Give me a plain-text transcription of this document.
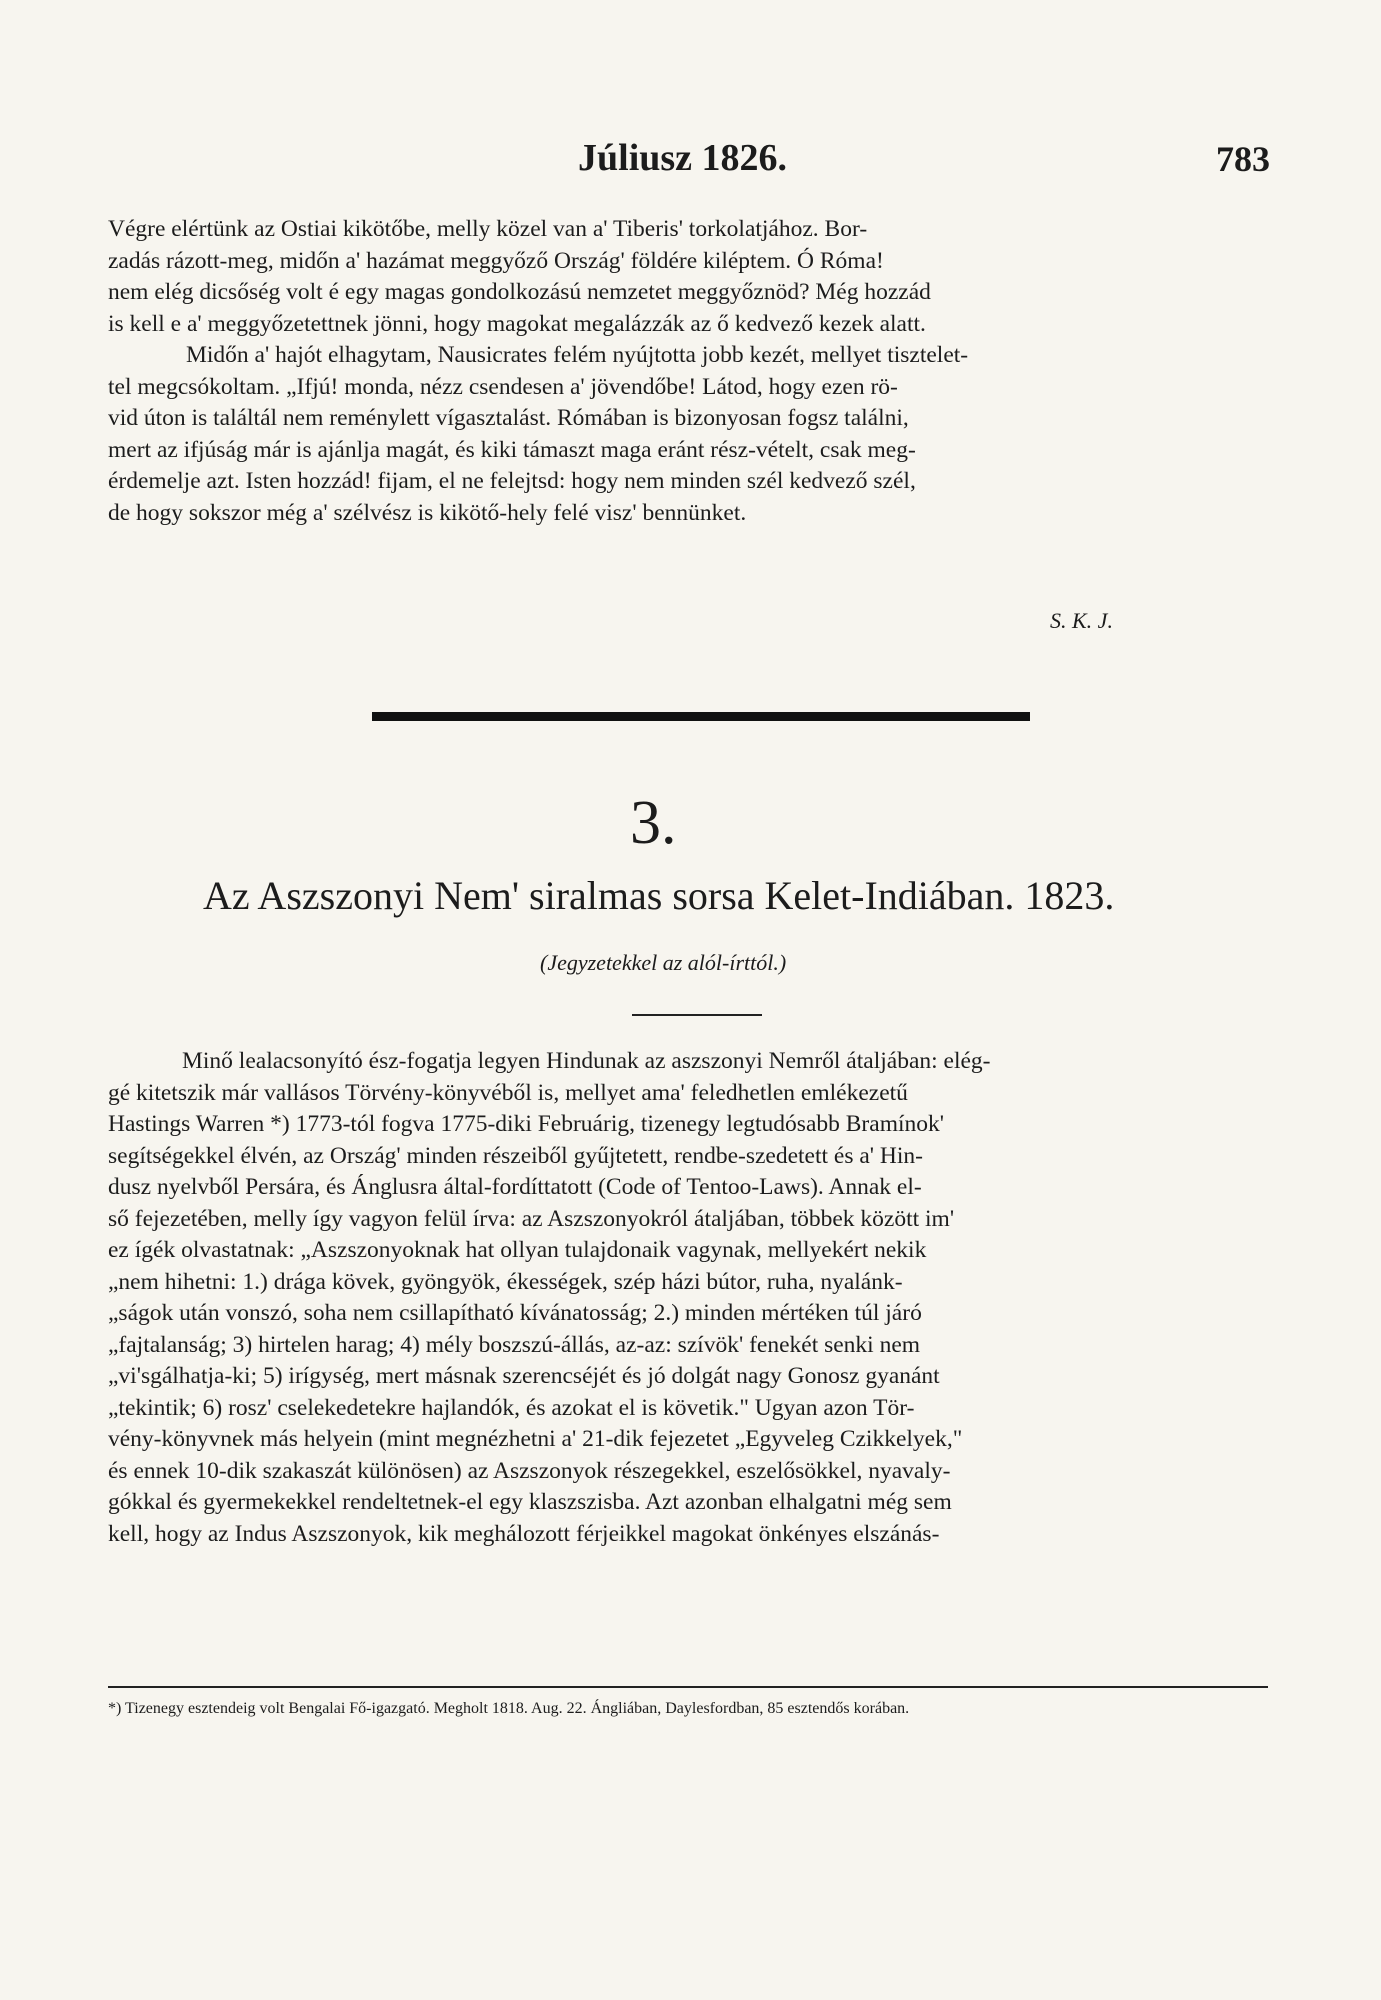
Júliusz 1826.	783
Végre elértünk az Ostiai kikötőbe, melly közel van a' Tiberis' torkolatjához. Bor-
zadás rázott-meg, midőn a' hazámat meggyőző Ország' földére kiléptem. Ó Róma!
nem elég dicsőség volt é egy magas gondolkozású nemzetet meggyőznöd? Még hozzád
is kell e a' meggyőzetettnek jönni, hogy magokat megalázzák az ő kedvező kezek alatt.
Midőn a' hajót elhagytam, Nausicrates felém nyújtotta jobb kezét, mellyet tisztelet-
tel megcsókoltam. „Ifjú! monda, nézz csendesen a' jövendőbe! Látod, hogy ezen rö-
vid úton is találtál nem reménylett vígasztalást. Rómában is bizonyosan fogsz találni,
mert az ifjúság már is ajánlja magát, és kiki támaszt maga eránt rész-vételt, csak meg-
érdemelje azt. Isten hozzád! fijam, el ne felejtsd: hogy nem minden szél kedvező szél,
de hogy sokszor még a' szélvész is kikötő-hely felé visz' bennünket.
S. K. J.
3.
Az Aszszonyi Nem' siralmas sorsa Kelet-Indiában. 1823.
(Jegyzetekkel az alól-írttól.)
Minő lealacsonyító ész-fogatja legyen Hindunak az aszszonyi Nemről átaljában: elég-
gé kitetszik már vallásos Törvény-könyvéből is, mellyet ama' feledhetlen emlékezetű
Hastings Warren *) 1773-tól fogva 1775-diki Februárig, tizenegy legtudósabb Bramínok'
segítségekkel élvén, az Ország' minden részeiből gyűjtetett, rendbe-szedetett és a' Hin-
dusz nyelvből Persára, és Ánglusra által-fordíttatott (Code of Tentoo-Laws). Annak el-
ső fejezetében, melly így vagyon felül írva: az Aszszonyokról átaljában, többek között im'
ez ígék olvastatnak: „Aszszonyoknak hat ollyan tulajdonaik vagynak, mellyekért nekik
„nem hihetni: 1.) drága kövek, gyöngyök, ékességek, szép házi bútor, ruha, nyalánk-
„ságok után vonszó, soha nem csillapítható kívánatosság; 2.) minden mértéken túl járó
„fajtalanság; 3) hirtelen harag; 4) mély boszszú-állás, az-az: szívök' fenekét senki nem
„vi'sgálhatja-ki; 5) irígység, mert másnak szerencséjét és jó dolgát nagy Gonosz gyanánt
„tekintik; 6) rosz' cselekedetekre hajlandók, és azokat el is követik." Ugyan azon Tör-
vény-könyvnek más helyein (mint megnézhetni a' 21-dik fejezetet „Egyveleg Czikkelyek,"
és ennek 10-dik szakaszát különösen) az Aszszonyok részegekkel, eszelősökkel, nyavaly-
gókkal és gyermekekkel rendeltetnek-el egy klaszszisba. Azt azonban elhalgatni még sem
kell, hogy az Indus Aszszonyok, kik meghálozott férjeikkel magokat önkényes elszánás-
*) Tizenegy esztendeig volt Bengalai Fő-igazgató. Megholt 1818. Aug. 22. Ángliában, Daylesfordban, 85 esztendős korában.
